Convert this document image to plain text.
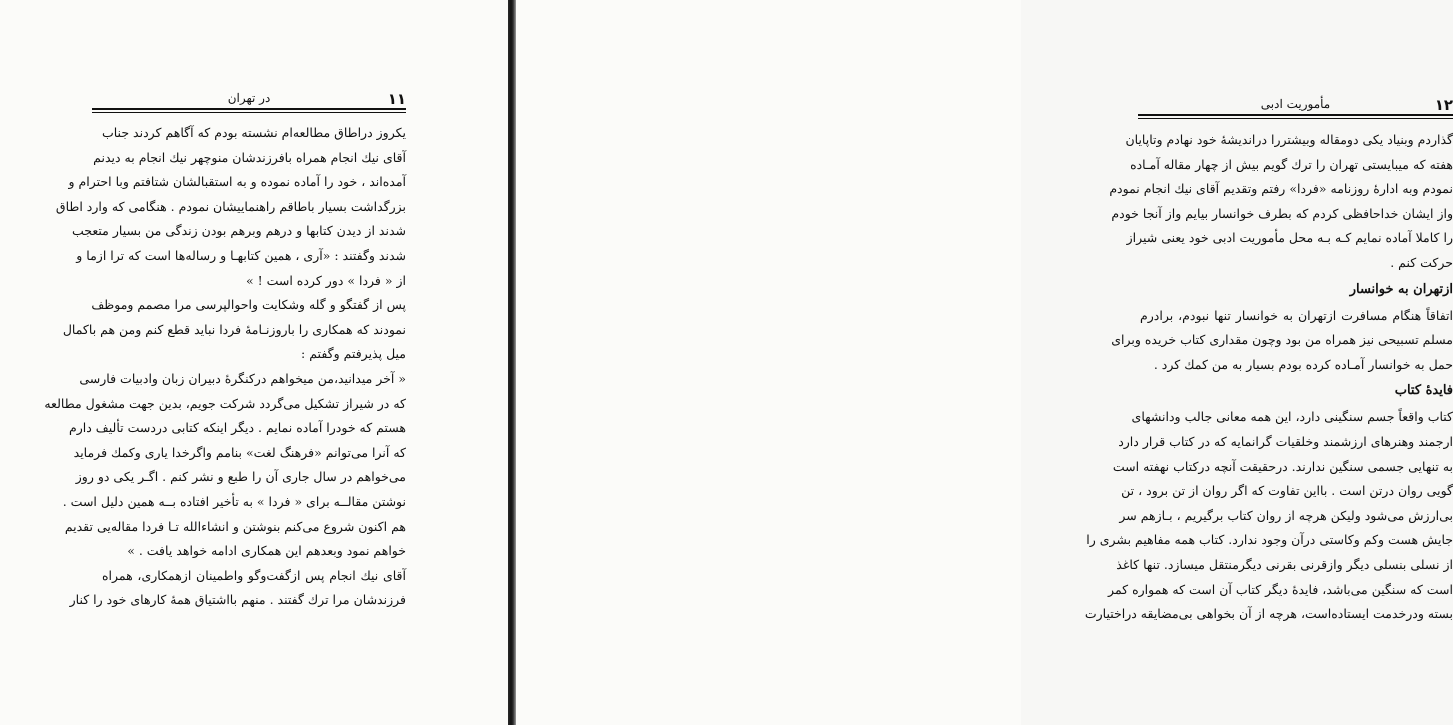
١١
در تهران
یکروز دراطاق مطالعه‌ام نشسته بودم که آگاهم کردند جناب
آقای نیك انجام همراه بافرزندشان منوچهر نیك انجام به دیدنم
آمده‌اند ، خود را آماده نموده و به استقبالشان شتافتم وبا احترام و
بزرگداشت بسیار باطاقم راهنماییشان نمودم . هنگامی که وارد اطاق
شدند از دیدن کتابها و درهم وبرهم بودن زندگی من بسیار متعجب
شدند وگفتند : «آری ، همین کتابهـا و رساله‌ها است که ترا ازما و
از « فردا » دور کرده است ! »
پس از گفتگو و گله وشکایت واحوالپرسی مرا مصمم وموظف
نمودند که همکاری را باروزنـامهٔ فردا نباید قطع کنم ومن هم باکمال
میل پذیرفتم وگفتم :
« آخر میدانید،من میخواهم درکنگرهٔ دبیران زبان وادبیات فارسی
که در شیراز تشکیل می‌گردد شرکت جویم، بدین جهت مشغول مطالعه
هستم که خودرا آماده نمایم . دیگر اینکه کتابی دردست تألیف دارم
که آنرا می‌توانم «فرهنگ لغت» بنامم واگرخدا یاری وکمك فرماید
می‌خواهم در سال جاری آن را طبع و نشر کنم . اگـر یکی دو روز
نوشتن مقالــه برای « فردا » به تأخیر افتاده بــه همین دلیل است .
هم اکنون شروع می‌کنم بنوشتن و انشاءالله تـا فردا مقاله‌یی تقدیم
خواهم نمود وبعدهم این همکاری ادامه خواهد یافت . »
آقای نیك انجام پس ازگفت‌وگو واطمینان ازهمکاری، همراه
فرزندشان مرا ترك گفتند . منهم بااشتیاق همهٔ کارهای خود را کنار
۱۲
مأموریت ادبی
گذاردم وبنیاد یکی دومقاله وبیشتررا دراندیشهٔ خود نهادم وتاپایان
هفته که میبایستی تهران را ترك گویم بیش از چهار مقاله آمـاده
نمودم وبه ادارهٔ روزنامه «فردا» رفتم وتقدیم آقای نیك انجام نمودم
واز ایشان خداحافظی کردم که بطرف خوانسار بیایم واز آنجا خودم
را کاملا آماده نمایم کـه بـه محل مأموریت ادبی خود یعنی شیراز
حرکت کنم .
ازتهران به خوانسار
اتفاقاً هنگام مسافرت ازتهران به خوانسار تنها نبودم، برادرم
مسلم تسبیحی نیز همراه من بود وچون مقداری کتاب خریده وبرای
حمل به خوانسار آمـاده کرده بودم بسیار به من کمك کرد .
فایدهٔ کتاب
کتاب واقعاً جسم سنگینی دارد، این همه معانی جالب ودانشهای
ارجمند وهنرهای ارزشمند وخلقیات گرانمایه که در کتاب قرار دارد
به تنهایی جسمی سنگین ندارند. درحقیقت آنچه درکتاب نهفته است
گویی روان درتن است . بااین تفاوت که اگر روان از تن برود ، تن
بی‌ارزش می‌شود ولیکن هرچه از روان کتاب برگیریم ، بـازهم سر
جایش هست وکم وکاستی درآن وجود ندارد. کتاب همه مفاهیم بشری را
از نسلی بنسلی دیگر وازقرنی بقرنی دیگرمنتقل میسازد. تنها کاغذ
است که سنگین می‌باشد، فایدهٔ دیگر کتاب آن است که همواره کمر
بسته ودرخدمت ایستاده‌است، هرچه از آن بخواهی بی‌مضایقه دراختیارت
